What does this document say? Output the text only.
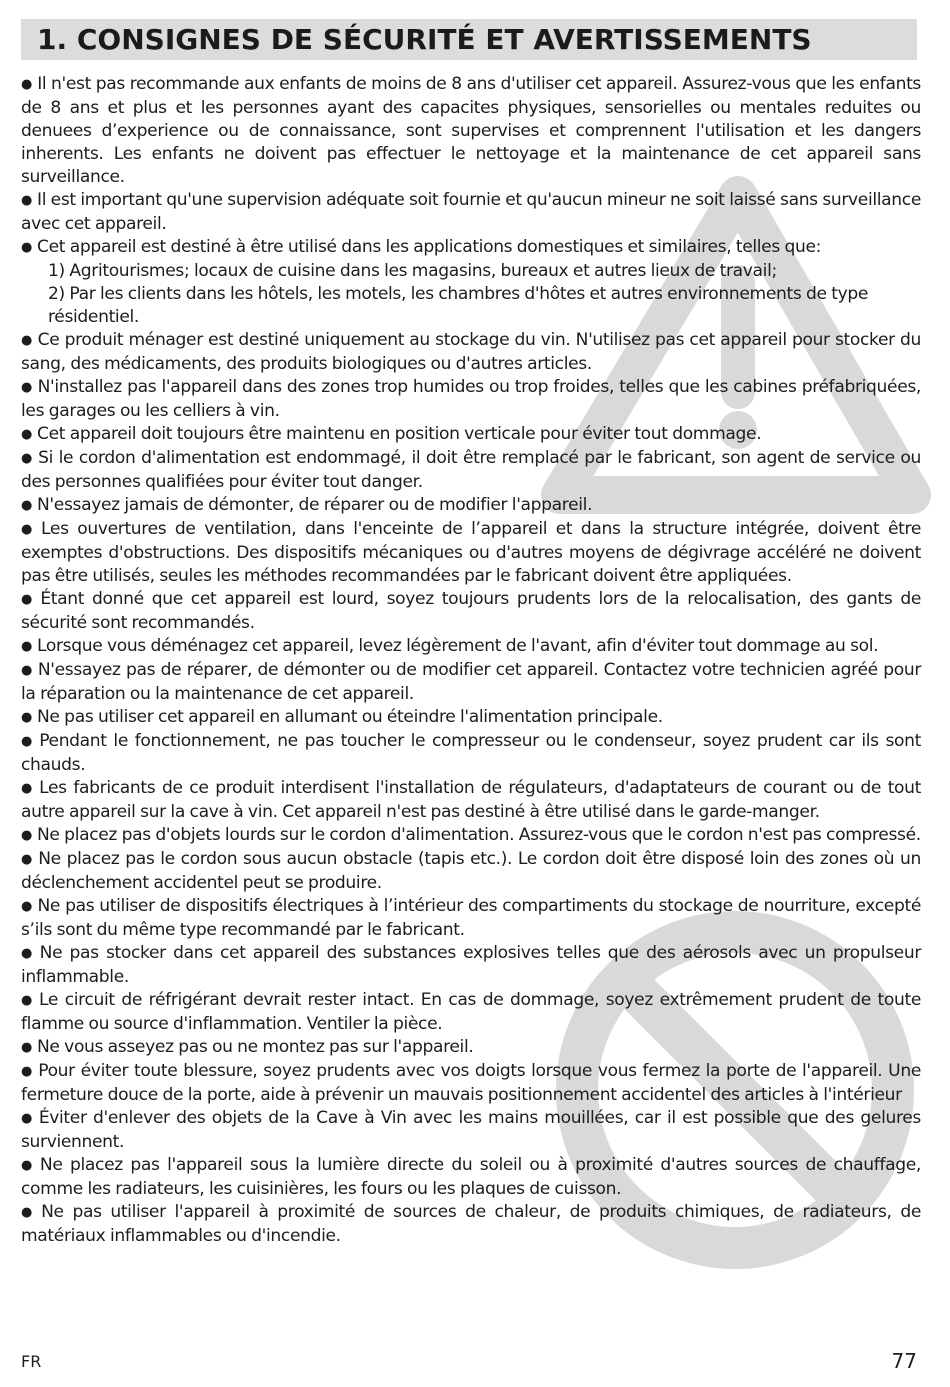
1. CONSIGNES DE SÉCURITÉ ET AVERTISSEMENTS

● Il n'est pas recommande aux enfants de moins de 8 ans d'utiliser cet appareil. Assurez-vous que les enfants de 8 ans et plus et les personnes ayant des capacites physiques, sensorielles ou mentales reduites ou denuees d’experience ou de connaissance, sont supervises et comprennent l'utilisation et les dangers inherents. Les enfants ne doivent pas effectuer le nettoyage et la maintenance de cet appareil sans surveillance.

● Il est important qu'une supervision adéquate soit fournie et qu'aucun mineur ne soit laissé sans surveillance avec cet appareil.

● Cet appareil est destiné à être utilisé dans les applications domestiques et similaires, telles que:

1) Agritourismes; locaux de cuisine dans les magasins, bureaux et autres lieux de travail;

2) Par les clients dans les hôtels, les motels, les chambres d'hôtes et autres environnements de type résidentiel.

● Ce produit ménager est destiné uniquement au stockage du vin. N'utilisez pas cet appareil pour stocker du sang, des médicaments, des produits biologiques ou d'autres articles.

● N'installez pas l'appareil dans des zones trop humides ou trop froides, telles que les cabines préfabriquées, les garages ou les celliers à vin.

● Cet appareil doit toujours être maintenu en position verticale pour éviter tout dommage.

● Si le cordon d'alimentation est endommagé, il doit être remplacé par le fabricant, son agent de service ou des personnes qualifiées pour éviter tout danger.

● N'essayez jamais de démonter, de réparer ou de modifier l'appareil.

● Les ouvertures de ventilation, dans l'enceinte de l’appareil et dans la structure intégrée, doivent être exemptes d'obstructions. Des dispositifs mécaniques ou d'autres moyens de dégivrage accéléré ne doivent pas être utilisés, seules les méthodes recommandées par le fabricant doivent être appliquées.

● Étant donné que cet appareil est lourd, soyez toujours prudents lors de la relocalisation, des gants de sécurité sont recommandés.

● Lorsque vous déménagez cet appareil, levez légèrement de l'avant, afin d'éviter tout dommage au sol.

● N'essayez pas de réparer, de démonter ou de modifier cet appareil. Contactez votre technicien agréé pour la réparation ou la maintenance de cet appareil.

● Ne pas utiliser cet appareil en allumant ou éteindre l'alimentation principale.

● Pendant le fonctionnement, ne pas toucher le compresseur ou le condenseur, soyez prudent car ils sont chauds.

● Les fabricants de ce produit interdisent l'installation de régulateurs, d'adaptateurs de courant ou de tout autre appareil sur la cave à vin. Cet appareil n'est pas destiné à être utilisé dans le garde-manger.

● Ne placez pas d'objets lourds sur le cordon d'alimentation. Assurez-vous que le cordon n'est pas compressé.

● Ne placez pas le cordon sous aucun obstacle (tapis etc.). Le cordon doit être disposé loin des zones où un déclenchement accidentel peut se produire.

● Ne pas utiliser de dispositifs électriques à l’intérieur des compartiments du stockage de nourriture, excepté s’ils sont du même type recommandé par le fabricant.

● Ne pas stocker dans cet appareil des substances explosives telles que des aérosols avec un propulseur inflammable.

● Le circuit de réfrigérant devrait rester intact. En cas de dommage, soyez extrêmement prudent de toute flamme ou source d'inflammation. Ventiler la pièce.

● Ne vous asseyez pas ou ne montez pas sur l'appareil.

● Pour éviter toute blessure, soyez prudents avec vos doigts lorsque vous fermez la porte de l'appareil. Une fermeture douce de la porte, aide à prévenir un mauvais positionnement accidentel des articles à l'intérieur

● Éviter d'enlever des objets de la Cave à Vin avec les mains mouillées, car il est possible que des gelures surviennent.

● Ne placez pas l'appareil sous la lumière directe du soleil ou à proximité d'autres sources de chauffage, comme les radiateurs, les cuisinières, les fours ou les plaques de cuisson.

● Ne pas utiliser l'appareil à proximité de sources de chaleur, de produits chimiques, de radiateurs, de matériaux inflammables ou d'incendie.

FR	77
